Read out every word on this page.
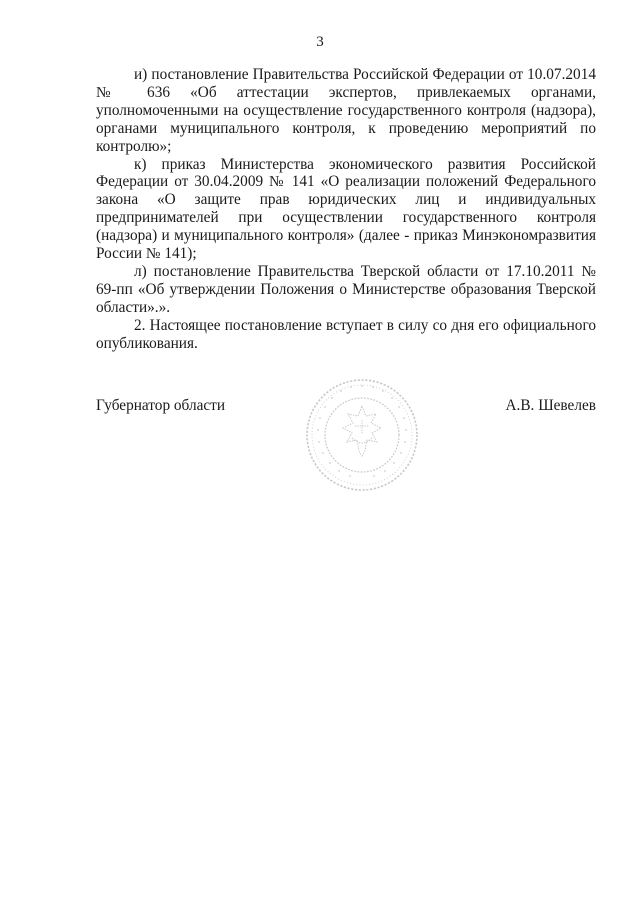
3

и) постановление Правительства Российской Федерации от 10.07.2014 № 636 «Об аттестации экспертов, привлекаемых органами, уполномоченными на осуществление государственного контроля (надзора), органами муниципального контроля, к проведению мероприятий по контролю»;

к) приказ Министерства экономического развития Российской Федерации от 30.04.2009 № 141 «О реализации положений Федерального закона «О защите прав юридических лиц и индивидуальных предпринимателей при осуществлении государственного контроля (надзора) и муниципального контроля» (далее - приказ Минэкономразвития России № 141);

л) постановление Правительства Тверской области от 17.10.2011 № 69-пп «Об утверждении Положения о Министерстве образования Тверской области».».

2. Настоящее постановление вступает в силу со дня его официального опубликования.

Губернатор области	А.В. Шевелев
